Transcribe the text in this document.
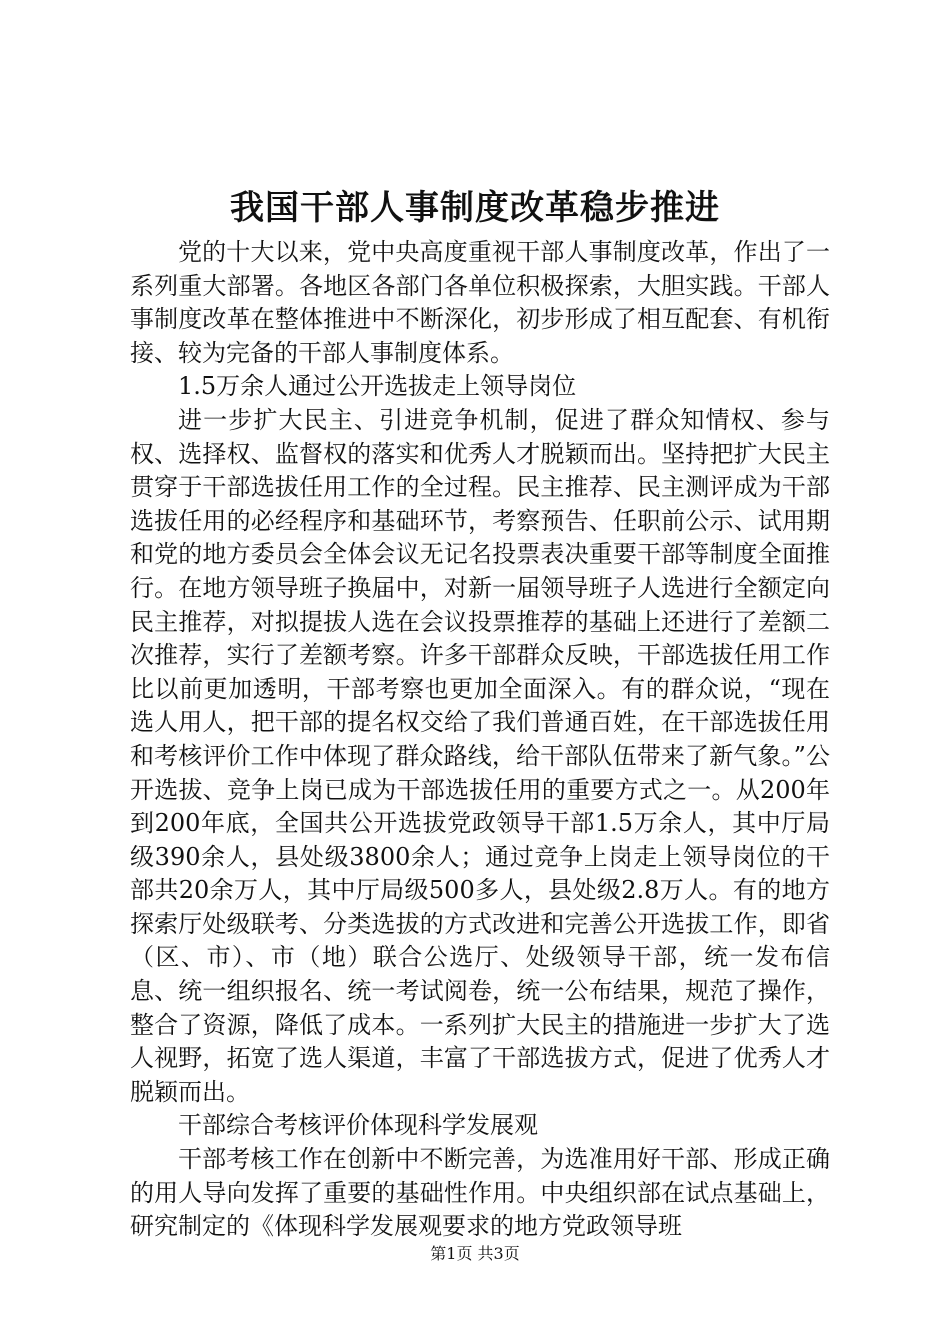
我国干部人事制度改革稳步推进

党的十大以来，党中央高度重视干部人事制度改革，作出了一系列重大部署。各地区各部门各单位积极探索，大胆实践。干部人事制度改革在整体推进中不断深化，初步形成了相互配套、有机衔接、较为完备的干部人事制度体系。

1.5万余人通过公开选拔走上领导岗位

进一步扩大民主、引进竞争机制，促进了群众知情权、参与权、选择权、监督权的落实和优秀人才脱颖而出。坚持把扩大民主贯穿于干部选拔任用工作的全过程。民主推荐、民主测评成为干部选拔任用的必经程序和基础环节，考察预告、任职前公示、试用期和党的地方委员会全体会议无记名投票表决重要干部等制度全面推行。在地方领导班子换届中，对新一届领导班子人选进行全额定向民主推荐，对拟提拔人选在会议投票推荐的基础上还进行了差额二次推荐，实行了差额考察。许多干部群众反映，干部选拔任用工作比以前更加透明，干部考察也更加全面深入。有的群众说，“现在选人用人，把干部的提名权交给了我们普通百姓，在干部选拔任用和考核评价工作中体现了群众路线，给干部队伍带来了新气象。”公开选拔、竞争上岗已成为干部选拔任用的重要方式之一。从200年到200年底，全国共公开选拔党政领导干部1.5万余人，其中厅局级390余人，县处级3800余人；通过竞争上岗走上领导岗位的干部共20余万人，其中厅局级500多人，县处级2.8万人。有的地方探索厅处级联考、分类选拔的方式改进和完善公开选拔工作，即省（区、市）、市（地）联合公选厅、处级领导干部，统一发布信息、统一组织报名、统一考试阅卷，统一公布结果，规范了操作，整合了资源，降低了成本。一系列扩大民主的措施进一步扩大了选人视野，拓宽了选人渠道，丰富了干部选拔方式，促进了优秀人才脱颖而出。

干部综合考核评价体现科学发展观

干部考核工作在创新中不断完善，为选准用好干部、形成正确的用人导向发挥了重要的基础性作用。中央组织部在试点基础上，研究制定的《体现科学发展观要求的地方党政领导班

第1页 共3页
